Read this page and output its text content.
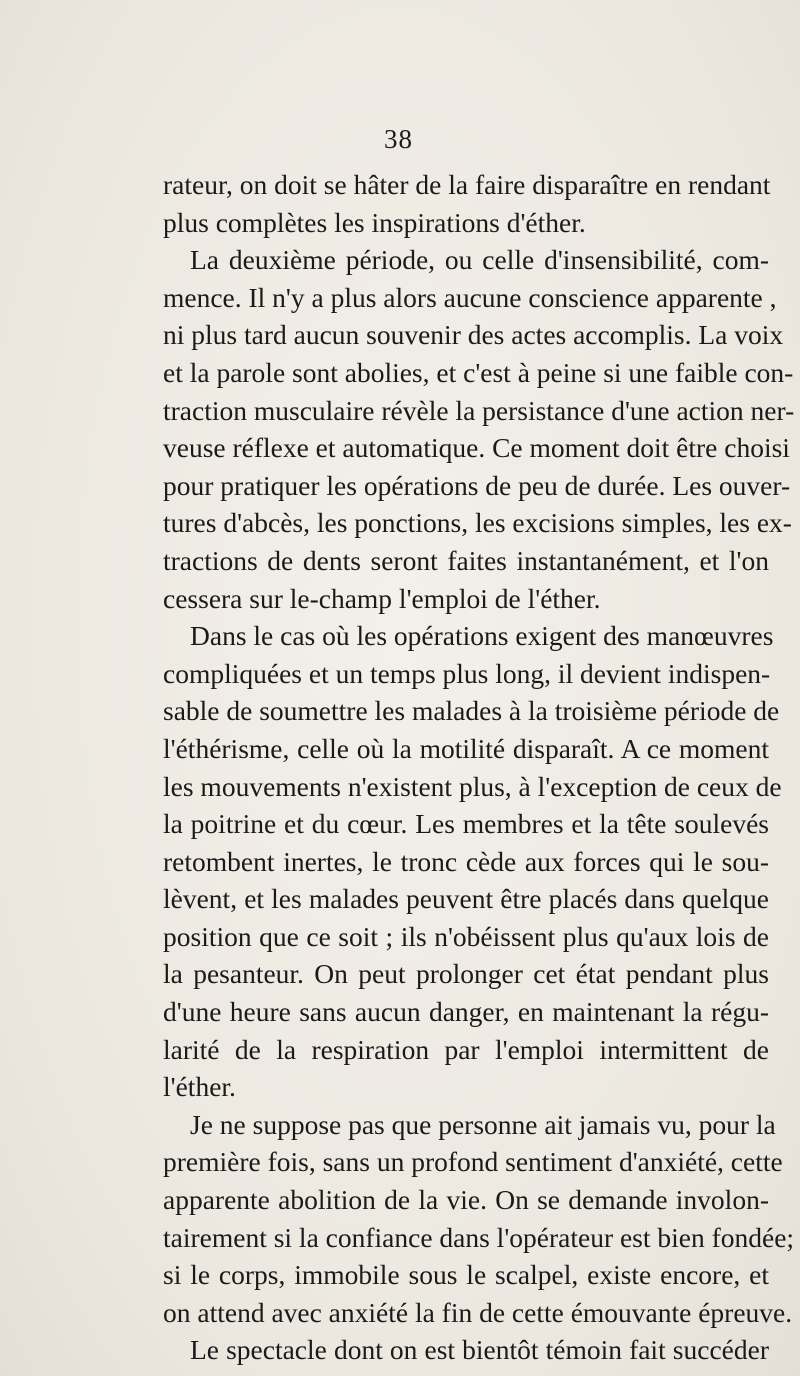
38
rateur, on doit se hâter de la faire disparaître en rendant
plus complètes les inspirations d'éther.
La deuxième période, ou celle d'insensibilité, com-
mence. Il n'y a plus alors aucune conscience apparente ,
ni plus tard aucun souvenir des actes accomplis. La voix
et la parole sont abolies, et c'est à peine si une faible con-
traction musculaire révèle la persistance d'une action ner-
veuse réflexe et automatique. Ce moment doit être choisi
pour pratiquer les opérations de peu de durée. Les ouver-
tures d'abcès, les ponctions, les excisions simples, les ex-
tractions de dents seront faites instantanément, et l'on
cessera sur le-champ l'emploi de l'éther.
Dans le cas où les opérations exigent des manœuvres
compliquées et un temps plus long, il devient indispen-
sable de soumettre les malades à la troisième période de
l'éthérisme, celle où la motilité disparaît. A ce moment
les mouvements n'existent plus, à l'exception de ceux de
la poitrine et du cœur. Les membres et la tête soulevés
retombent inertes, le tronc cède aux forces qui le sou-
lèvent, et les malades peuvent être placés dans quelque
position que ce soit ; ils n'obéissent plus qu'aux lois de
la pesanteur. On peut prolonger cet état pendant plus
d'une heure sans aucun danger, en maintenant la régu-
larité de la respiration par l'emploi intermittent de
l'éther.
Je ne suppose pas que personne ait jamais vu, pour la
première fois, sans un profond sentiment d'anxiété, cette
apparente abolition de la vie. On se demande involon-
tairement si la confiance dans l'opérateur est bien fondée;
si le corps, immobile sous le scalpel, existe encore, et
on attend avec anxiété la fin de cette émouvante épreuve.
Le spectacle dont on est bientôt témoin fait succéder
